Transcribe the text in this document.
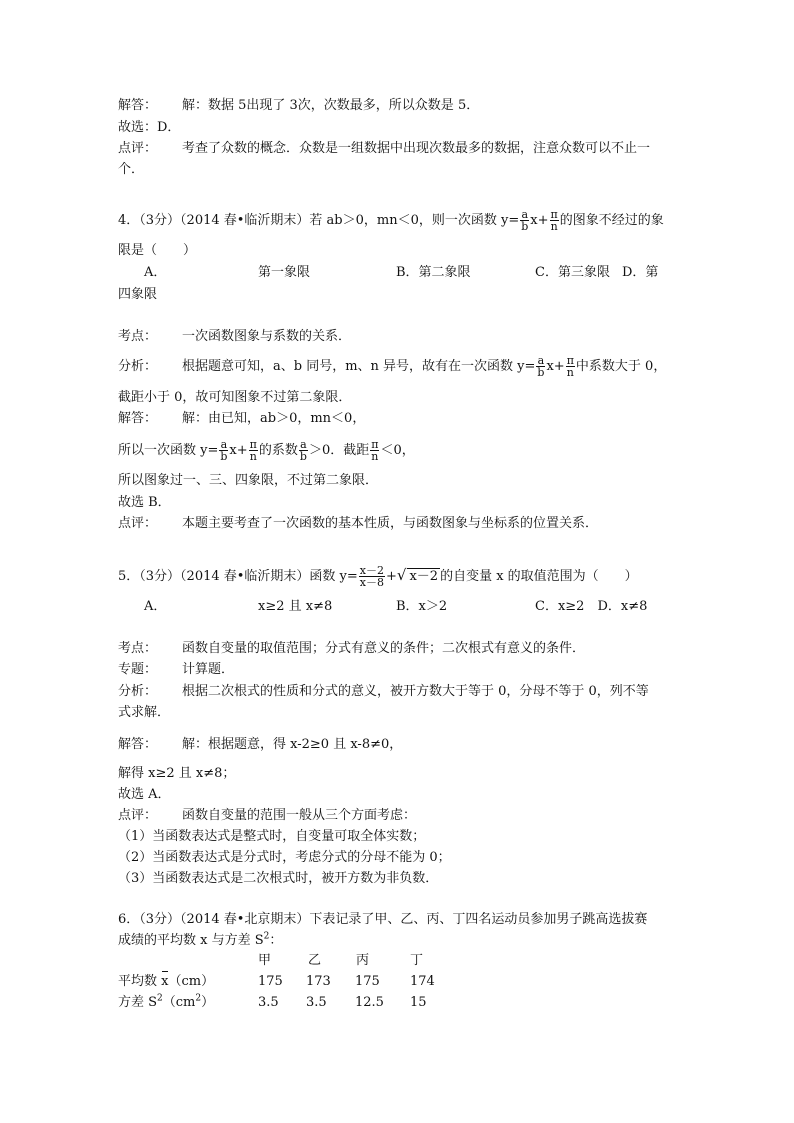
解答： 解：数据 5出现了 3次，次数最多，所以众数是 5．
故选：D．
点评： 考查了众数的概念．众数是一组数据中出现次数最多的数据，注意众数可以不止一
个．
4．（3分）（2014 春•临沂期末）若 ab＞0，mn＜0，则一次函数 $y= \frac{a}{b} x+ \frac{\pi}{n}$ 的图象不经过的象
限是（　　）
A．	第一象限	B．第二象限	C．第三象限 D．第
四象限
考点： 一次函数图象与系数的关系．
分析： 根据题意可知，a、b 同号，m、n 异号，故有在一次函数 $y= \frac{a}{b} x+ \frac{\pi}{n}$ 中系数大于 0，
截距小于 0，故可知图象不过第二象限．
解答： 解：由已知，ab＞0，mn＜0，
所以一次函数 $y= \frac{a}{b} x+ \frac{\pi}{n}$ 的系数 $\frac{a}{b} >0$．截距 $\frac{\pi}{n} <0$，
所以图象过一、三、四象限，不过第二象限．
故选 B．
点评： 本题主要考查了一次函数的基本性质，与函数图象与坐标系的位置关系．
5．（3分）（2014 春•临沂期末）函数 $y= \frac{x-2}{x-8}$ +√ x－2 的自变量 x 的取值范围为（　　）
A．	x≥2 且 x≠8	B．x＞2	C．x≥2　D．x≠8
考点： 函数自变量的取值范围；分式有意义的条件；二次根式有意义的条件．
专题： 计算题．
分析： 根据二次根式的性质和分式的意义，被开方数大于等于 0，分母不等于 0，列不等
式求解．
解答： 解：根据题意，得 x-2≥0 且 x-8≠0，
解得 x≥2 且 x≠8；
故选 A．
点评： 函数自变量的范围一般从三个方面考虑：
（1）当函数表达式是整式时，自变量可取全体实数；
（2）当函数表达式是分式时，考虑分式的分母不能为 0；
（3）当函数表达式是二次根式时，被开方数为非负数．
6．（3分）（2014 春•北京期末）下表记录了甲、乙、丙、丁四名运动员参加男子跳高选拔赛
成绩的平均数 x 与方差 $S^2$：
甲	乙	丙	丁
平均数 x（cm）	175 173 175 174
方差 $S^2(cm^2)$	3.5 3.5 12.5 15
